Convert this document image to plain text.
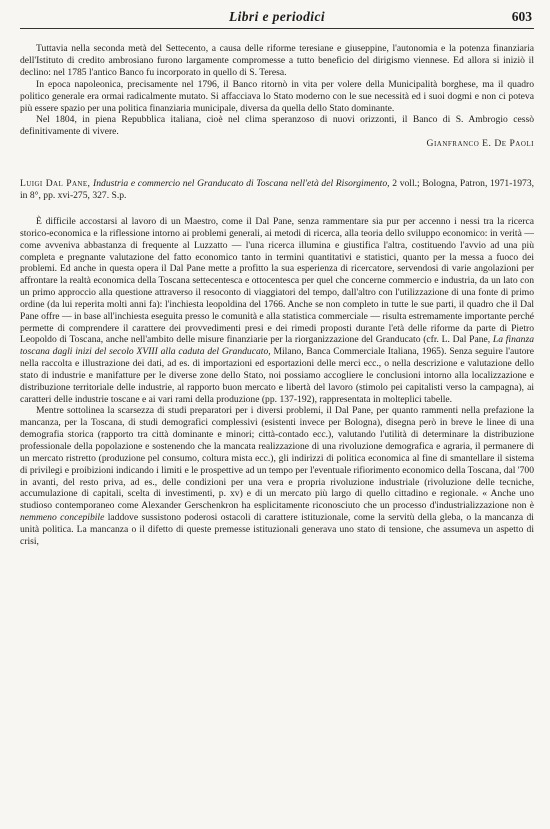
Libri e periodici	603

Tuttavia nella seconda metà del Settecento, a causa delle riforme teresiane e giuseppine, l'autonomia e la potenza finanziaria dell'Istituto di credito ambrosiano furono largamente compromesse a tutto beneficio del dirigismo viennese. Ed allora si iniziò il declino: nel 1785 l'antico Banco fu incorporato in quello di S. Teresa.

In epoca napoleonica, precisamente nel 1796, il Banco ritornò in vita per volere della Municipalità borghese, ma il quadro politico generale era ormai radicalmente mutato. Si affacciava lo Stato moderno con le sue necessità ed i suoi dogmi e non ci poteva più essere spazio per una politica finanziaria municipale, diversa da quella dello Stato dominante.

Nel 1804, in piena Repubblica italiana, cioè nel clima speranzoso di nuovi orizzonti, il Banco di S. Ambrogio cessò definitivamente di vivere.

Gianfranco E. De Paoli
Luigi Dal Pane, Industria e commercio nel Granducato di Toscana nell'età del Risorgimento, 2 voll.; Bologna, Patron, 1971-1973, in 8°, pp. xvi-275, 327. S.p.

È difficile accostarsi al lavoro di un Maestro, come il Dal Pane, senza rammentare sia pur per accenno i nessi tra la ricerca storico-economica e la riflessione intorno ai problemi generali, ai metodi di ricerca, alla teoria dello sviluppo economico: in verità — come avveniva abbastanza di frequente al Luzzatto — l'una ricerca illumina e giustifica l'altra, costituendo l'avvio ad una più completa e pregnante valutazione del fatto economico tanto in termini quantitativi e statistici, quanto per la messa a fuoco dei problemi. Ed anche in questa opera il Dal Pane mette a profitto la sua esperienza di ricercatore, servendosi di varie angolazioni per affrontare la realtà economica della Toscana settecentesca e ottocentesca per quel che concerne commercio e industria, da un lato con un primo approccio alla questione attraverso il resoconto di viaggiatori del tempo, dall'altro con l'utilizzazione di una fonte di primo ordine (da lui reperita molti anni fa): l'inchiesta leopoldina del 1766. Anche se non completo in tutte le sue parti, il quadro che il Dal Pane offre — in base all'inchiesta eseguita presso le comunità e alla statistica commerciale — risulta estremamente importante perché permette di comprendere il carattere dei provvedimenti presi e dei rimedi proposti durante l'età delle riforme da parte di Pietro Leopoldo di Toscana, anche nell'ambito delle misure finanziarie per la riorganizzazione del Granducato (cfr. L. Dal Pane, La finanza toscana dagli inizi del secolo XVIII alla caduta del Granducato, Milano, Banca Commerciale Italiana, 1965). Senza seguire l'autore nella raccolta e illustrazione dei dati, ad es. di importazioni ed esportazioni delle merci ecc., o nella descrizione e valutazione dello stato di industrie e manifatture per le diverse zone dello Stato, noi possiamo accogliere le conclusioni intorno alla localizzazione e distribuzione territoriale delle industrie, al rapporto buon mercato e libertà del lavoro (stimolo pei capitalisti verso la campagna), ai caratteri delle industrie toscane e ai vari rami della produzione (pp. 137-192), rappresentata in molteplici tabelle.

Mentre sottolinea la scarsezza di studi preparatori per i diversi problemi, il Dal Pane, per quanto rammenti nella prefazione la mancanza, per la Toscana, di studi demografici complessivi (esistenti invece per Bologna), disegna però in breve le linee di una demografia storica (rapporto tra città dominante e minori; città-contado ecc.), valutando l'utilità di determinare la distribuzione professionale della popolazione e sostenendo che la mancata realizzazione di una rivoluzione demografica e agraria, il permanere di un mercato ristretto (produzione pel consumo, coltura mista ecc.), gli indirizzi di politica economica al fine di smantellare il sistema di privilegi e proibizioni indicando i limiti e le prospettive ad un tempo per l'eventuale rifiorimento economico della Toscana, dal '700 in avanti, del resto priva, ad es., delle condizioni per una vera e propria rivoluzione industriale (rivoluzione delle tecniche, accumulazione di capitali, scelta di investimenti, p. xv) e di un mercato più largo di quello cittadino e regionale. « Anche uno studioso contemporaneo come Alexander Gerschenkron ha esplicitamente riconosciuto che un processo d'industrializzazione non è nemmeno concepibile laddove sussistono poderosi ostacoli di carattere istituzionale, come la servitù della gleba, o la mancanza di unità politica. La mancanza o il difetto di queste premesse istituzionali generava uno stato di tensione, che assumeva un aspetto di crisi,
